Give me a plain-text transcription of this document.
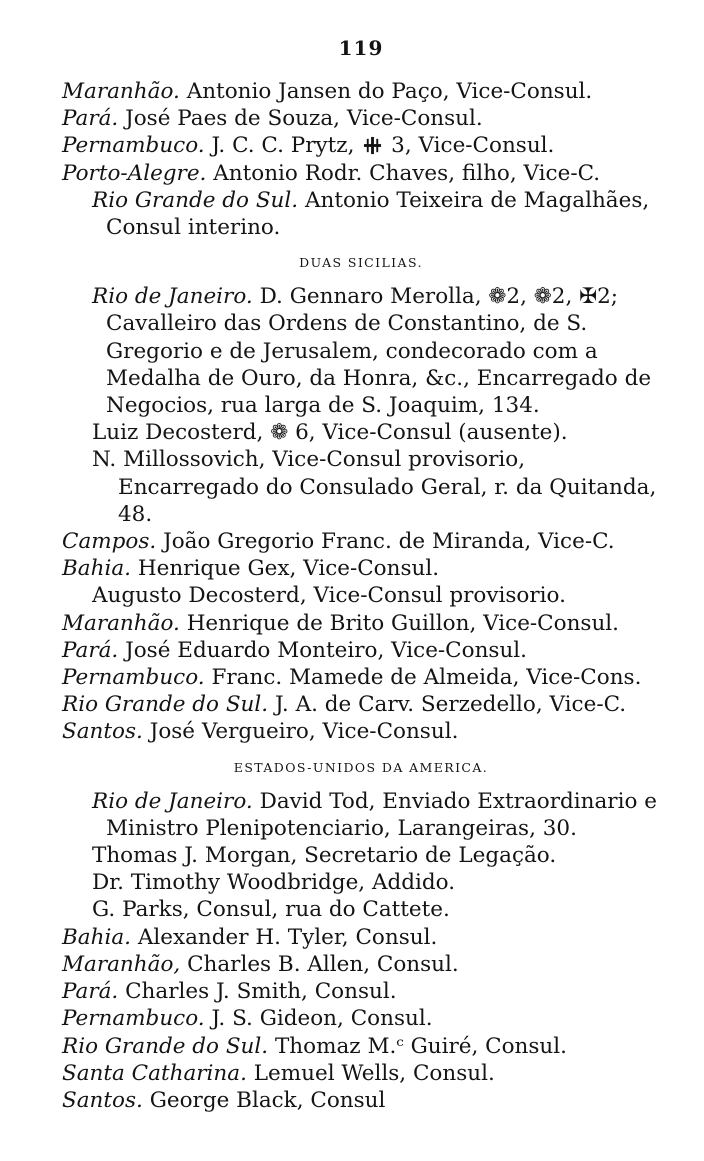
119
Maranhão. Antonio Jansen do Paço, Vice-Consul.
Pará. José Paes de Souza, Vice-Consul.
Pernambuco. J. C. C. Prytz, 3, Vice-Consul.
Porto-Alegre. Antonio Rodr. Chaves, filho, Vice-C.
Rio Grande do Sul. Antonio Teixeira de Magalhães, Consul interino.
DUAS SICILIAS.
Rio de Janeiro. D. Gennaro Merolla, ❁2, ❁2, ✠2; Cavalleiro das Ordens de Constantino, de S. Gregorio e de Jerusalem, condecorado com a Medalha de Ouro, da Honra, &c., Encarregado de Negocios, rua larga de S. Joaquim, 134.
Luiz Decosterd, ❁ 6, Vice-Consul (ausente).
N. Millossovich, Vice-Consul provisorio, Encarregado do Consulado Geral, r. da Quitanda, 48.
Campos. João Gregorio Franc. de Miranda, Vice-C.
Bahia. Henrique Gex, Vice-Consul.
Augusto Decosterd, Vice-Consul provisorio.
Maranhão. Henrique de Brito Guillon, Vice-Consul.
Pará. José Eduardo Monteiro, Vice-Consul.
Pernambuco. Franc. Mamede de Almeida, Vice-Cons.
Rio Grande do Sul. J. A. de Carv. Serzedello, Vice-C.
Santos. José Vergueiro, Vice-Consul.
ESTADOS-UNIDOS DA AMERICA.
Rio de Janeiro. David Tod, Enviado Extraordinario e Ministro Plenipotenciario, Larangeiras, 30.
Thomas J. Morgan, Secretario de Legação.
Dr. Timothy Woodbridge, Addido.
G. Parks, Consul, rua do Cattete.
Bahia. Alexander H. Tyler, Consul.
Maranhão, Charles B. Allen, Consul.
Pará. Charles J. Smith, Consul.
Pernambuco. J. S. Gideon, Consul.
Rio Grande do Sul. Thomaz M.ᶜ Guiré, Consul.
Santa Catharina. Lemuel Wells, Consul.
Santos. George Black, Consul
